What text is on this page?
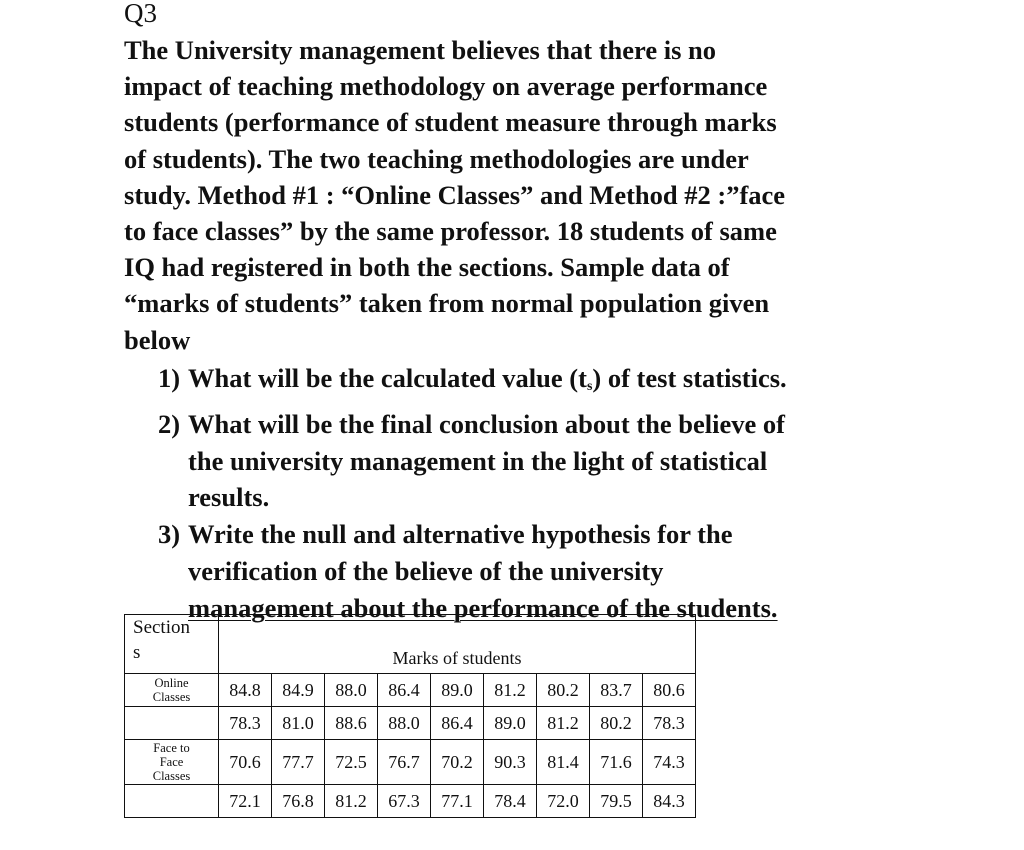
Q3
The University management believes that there is no
impact of teaching methodology on average performance
students (performance of student measure through marks
of students). The two teaching methodologies are under
study. Method #1 : “Online Classes” and Method #2 :”face
to face classes” by the same professor. 18 students of same
IQ had registered in both the sections. Sample data of
“marks of students” taken from normal population given
below
1) What will be the calculated value $(t_s)$ of test statistics.
2) What will be the final conclusion about the believe of
the university management in the light of statistical
results.
3) Write the null and alternative hypothesis for the
verification of the believe of the university
management about the performance of the students.
Section
s	Marks of students								
Online
Classes	84.8	84.9	88.0	86.4	89.0	81.2	80.2	83.7	80.6
	78.3	81.0	88.6	88.0	86.4	89.0	81.2	80.2	78.3
Face to
Face
Classes	70.6	77.7	72.5	76.7	70.2	90.3	81.4	71.6	74.3
	72.1	76.8	81.2	67.3	77.1	78.4	72.0	79.5	84.3
